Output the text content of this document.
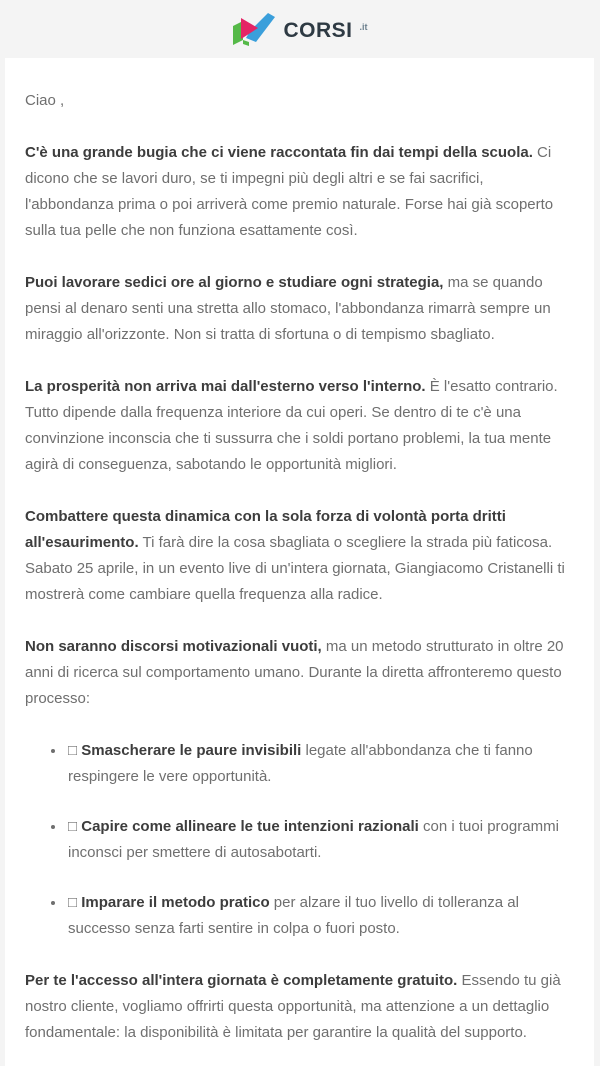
CORSI .it

Ciao ,

C'è una grande bugia che ci viene raccontata fin dai tempi della scuola. Ci dicono che se lavori duro, se ti impegni più degli altri e se fai sacrifici, l'abbondanza prima o poi arriverà come premio naturale. Forse hai già scoperto sulla tua pelle che non funziona esattamente così.

Puoi lavorare sedici ore al giorno e studiare ogni strategia, ma se quando pensi al denaro senti una stretta allo stomaco, l'abbondanza rimarrà sempre un miraggio all'orizzonte. Non si tratta di sfortuna o di tempismo sbagliato.

La prosperità non arriva mai dall'esterno verso l'interno. È l'esatto contrario. Tutto dipende dalla frequenza interiore da cui operi. Se dentro di te c'è una convinzione inconscia che ti sussurra che i soldi portano problemi, la tua mente agirà di conseguenza, sabotando le opportunità migliori.

Combattere questa dinamica con la sola forza di volontà porta dritti all'esaurimento. Ti farà dire la cosa sbagliata o scegliere la strada più faticosa. Sabato 25 aprile, in un evento live di un'intera giornata, Giangiacomo Cristanelli ti mostrerà come cambiare quella frequenza alla radice.

Non saranno discorsi motivazionali vuoti, ma un metodo strutturato in oltre 20 anni di ricerca sul comportamento umano. Durante la diretta affronteremo questo processo:

• □ Smascherare le paure invisibili legate all'abbondanza che ti fanno respingere le vere opportunità.
• □ Capire come allineare le tue intenzioni razionali con i tuoi programmi inconsci per smettere di autosabotarti.
• □ Imparare il metodo pratico per alzare il tuo livello di tolleranza al successo senza farti sentire in colpa o fuori posto.

Per te l'accesso all'intera giornata è completamente gratuito. Essendo tu già nostro cliente, vogliamo offrirti questa opportunità, ma attenzione a un dettaglio fondamentale: la disponibilità è limitata per garantire la qualità del supporto.
